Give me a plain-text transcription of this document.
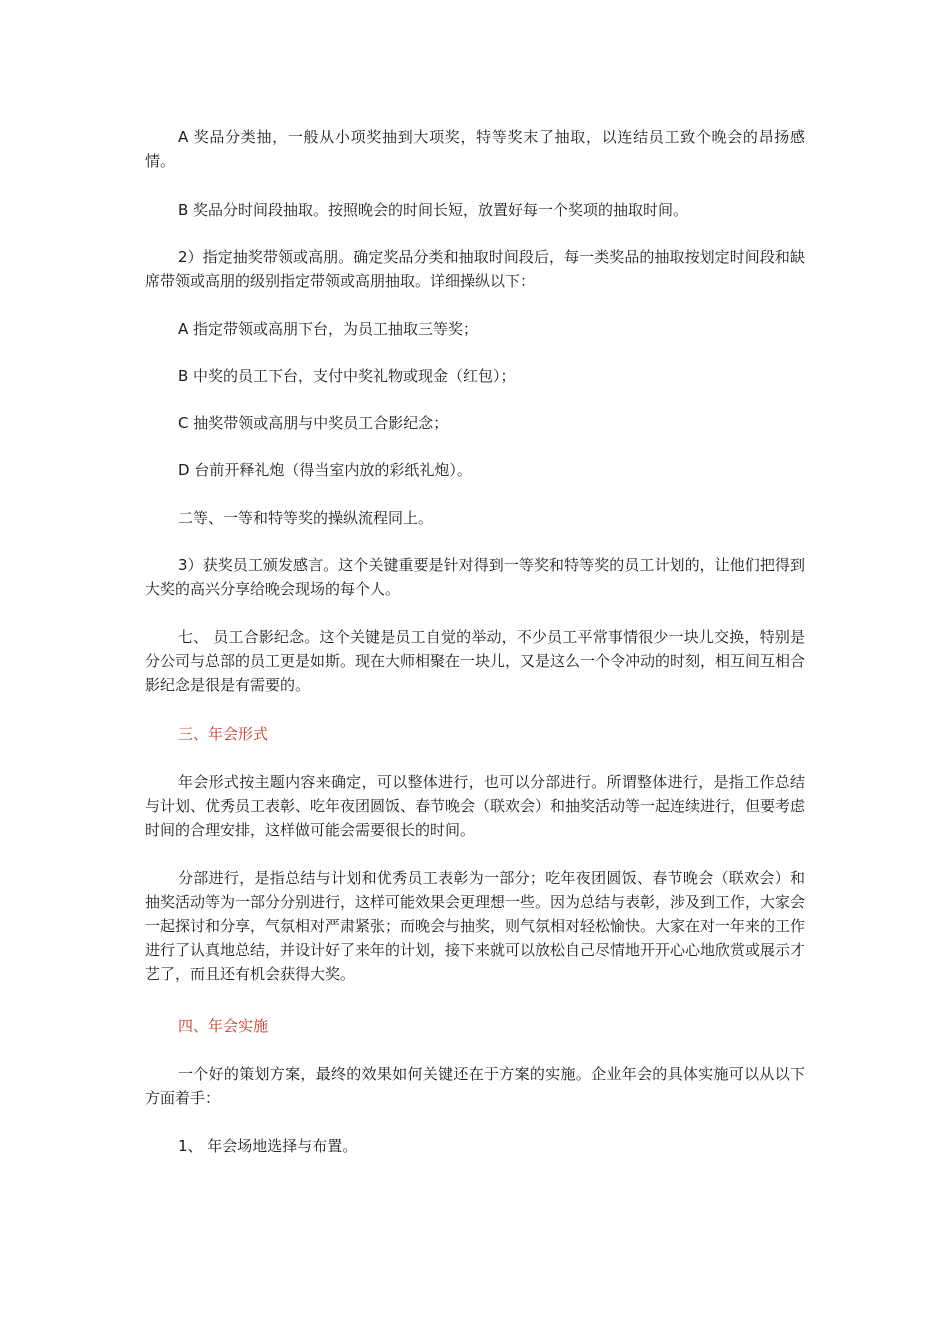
A 奖品分类抽，一般从小项奖抽到大项奖，特等奖末了抽取，以连结员工致个晚会的昂扬感情。

B 奖品分时间段抽取。按照晚会的时间长短，放置好每一个奖项的抽取时间。

2）指定抽奖带领或高朋。确定奖品分类和抽取时间段后，每一类奖品的抽取按划定时间段和缺席带领或高朋的级别指定带领或高朋抽取。详细操纵以下：

A 指定带领或高朋下台，为员工抽取三等奖；

B 中奖的员工下台，支付中奖礼物或现金（红包）；

C 抽奖带领或高朋与中奖员工合影纪念；

D 台前开释礼炮（得当室内放的彩纸礼炮）。

二等、一等和特等奖的操纵流程同上。

3）获奖员工颁发感言。这个关键重要是针对得到一等奖和特等奖的员工计划的，让他们把得到大奖的高兴分享给晚会现场的每个人。

七、 员工合影纪念。这个关键是员工自觉的举动，不少员工平常事情很少一块儿交换，特别是分公司与总部的员工更是如斯。现在大师相聚在一块儿，又是这么一个令冲动的时刻，相互间互相合影纪念是很是有需要的。

三、年会形式

年会形式按主题内容来确定，可以整体进行，也可以分部进行。所谓整体进行，是指工作总结与计划、优秀员工表彰、吃年夜团圆饭、春节晚会（联欢会）和抽奖活动等一起连续进行，但要考虑时间的合理安排，这样做可能会需要很长的时间。

分部进行，是指总结与计划和优秀员工表彰为一部分；吃年夜团圆饭、春节晚会（联欢会）和抽奖活动等为一部分分别进行，这样可能效果会更理想一些。因为总结与表彰，涉及到工作，大家会一起探讨和分享，气氛相对严肃紧张；而晚会与抽奖，则气氛相对轻松愉快。大家在对一年来的工作进行了认真地总结，并设计好了来年的计划，接下来就可以放松自己尽情地开开心心地欣赏或展示才艺了，而且还有机会获得大奖。

四、年会实施

一个好的策划方案，最终的效果如何关键还在于方案的实施。企业年会的具体实施可以从以下方面着手：

1、 年会场地选择与布置。
